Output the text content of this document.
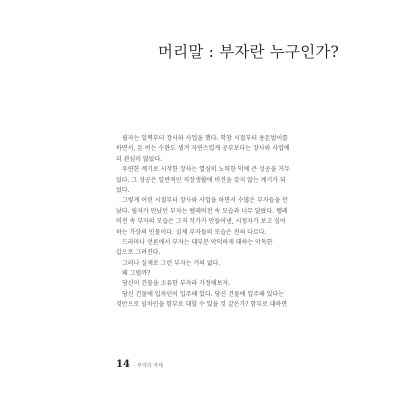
머리말 : 부자란 누구인가?
필자는 일찍부터 장사와 사업을 했다. 학창 시절부터 용돈벌이를
하면서, 돈 버는 수완도 생겨 자연스럽게 공부보다는 장사와 사업에
더 관심이 많았다.
우연한 계기로 시작한 장사는 열심히 노력한 덕에 큰 성공을 거두
었다. 그 성공은 일반적인 직장생활에 비견을 갖지 않는 계기가 되
었다.
그렇게 어린 시절부터 장사와 사업을 하면서 수많은 부자들을 만
났다. 필자가 만났던 부자는 텔레비전 속 모습과 너무 달랐다. 텔레
비전 속 부자의 모습은 그저 작가가 만들어낸, 시청자가 보고 싶어
하는 가상의 인물이다. 실제 부자들의 모습은 전혀 다르다.
드라마나 언론에서 부자는 대부분 악덕하게 대하는 악독한
갑으로 그려진다.
그러나 실제로 그런 부자는 거의 없다.
왜 그럴까?
당신이 건물을 소유한 부자라 가정해보자.
당신 건물에 입차인이 입주해 있다. 당신 건물에 입주해 있다는
것만으로 임차인을 함부로 대할 수 있을 것 같은가? 함부로 대하면
14 · 부자의 자세
